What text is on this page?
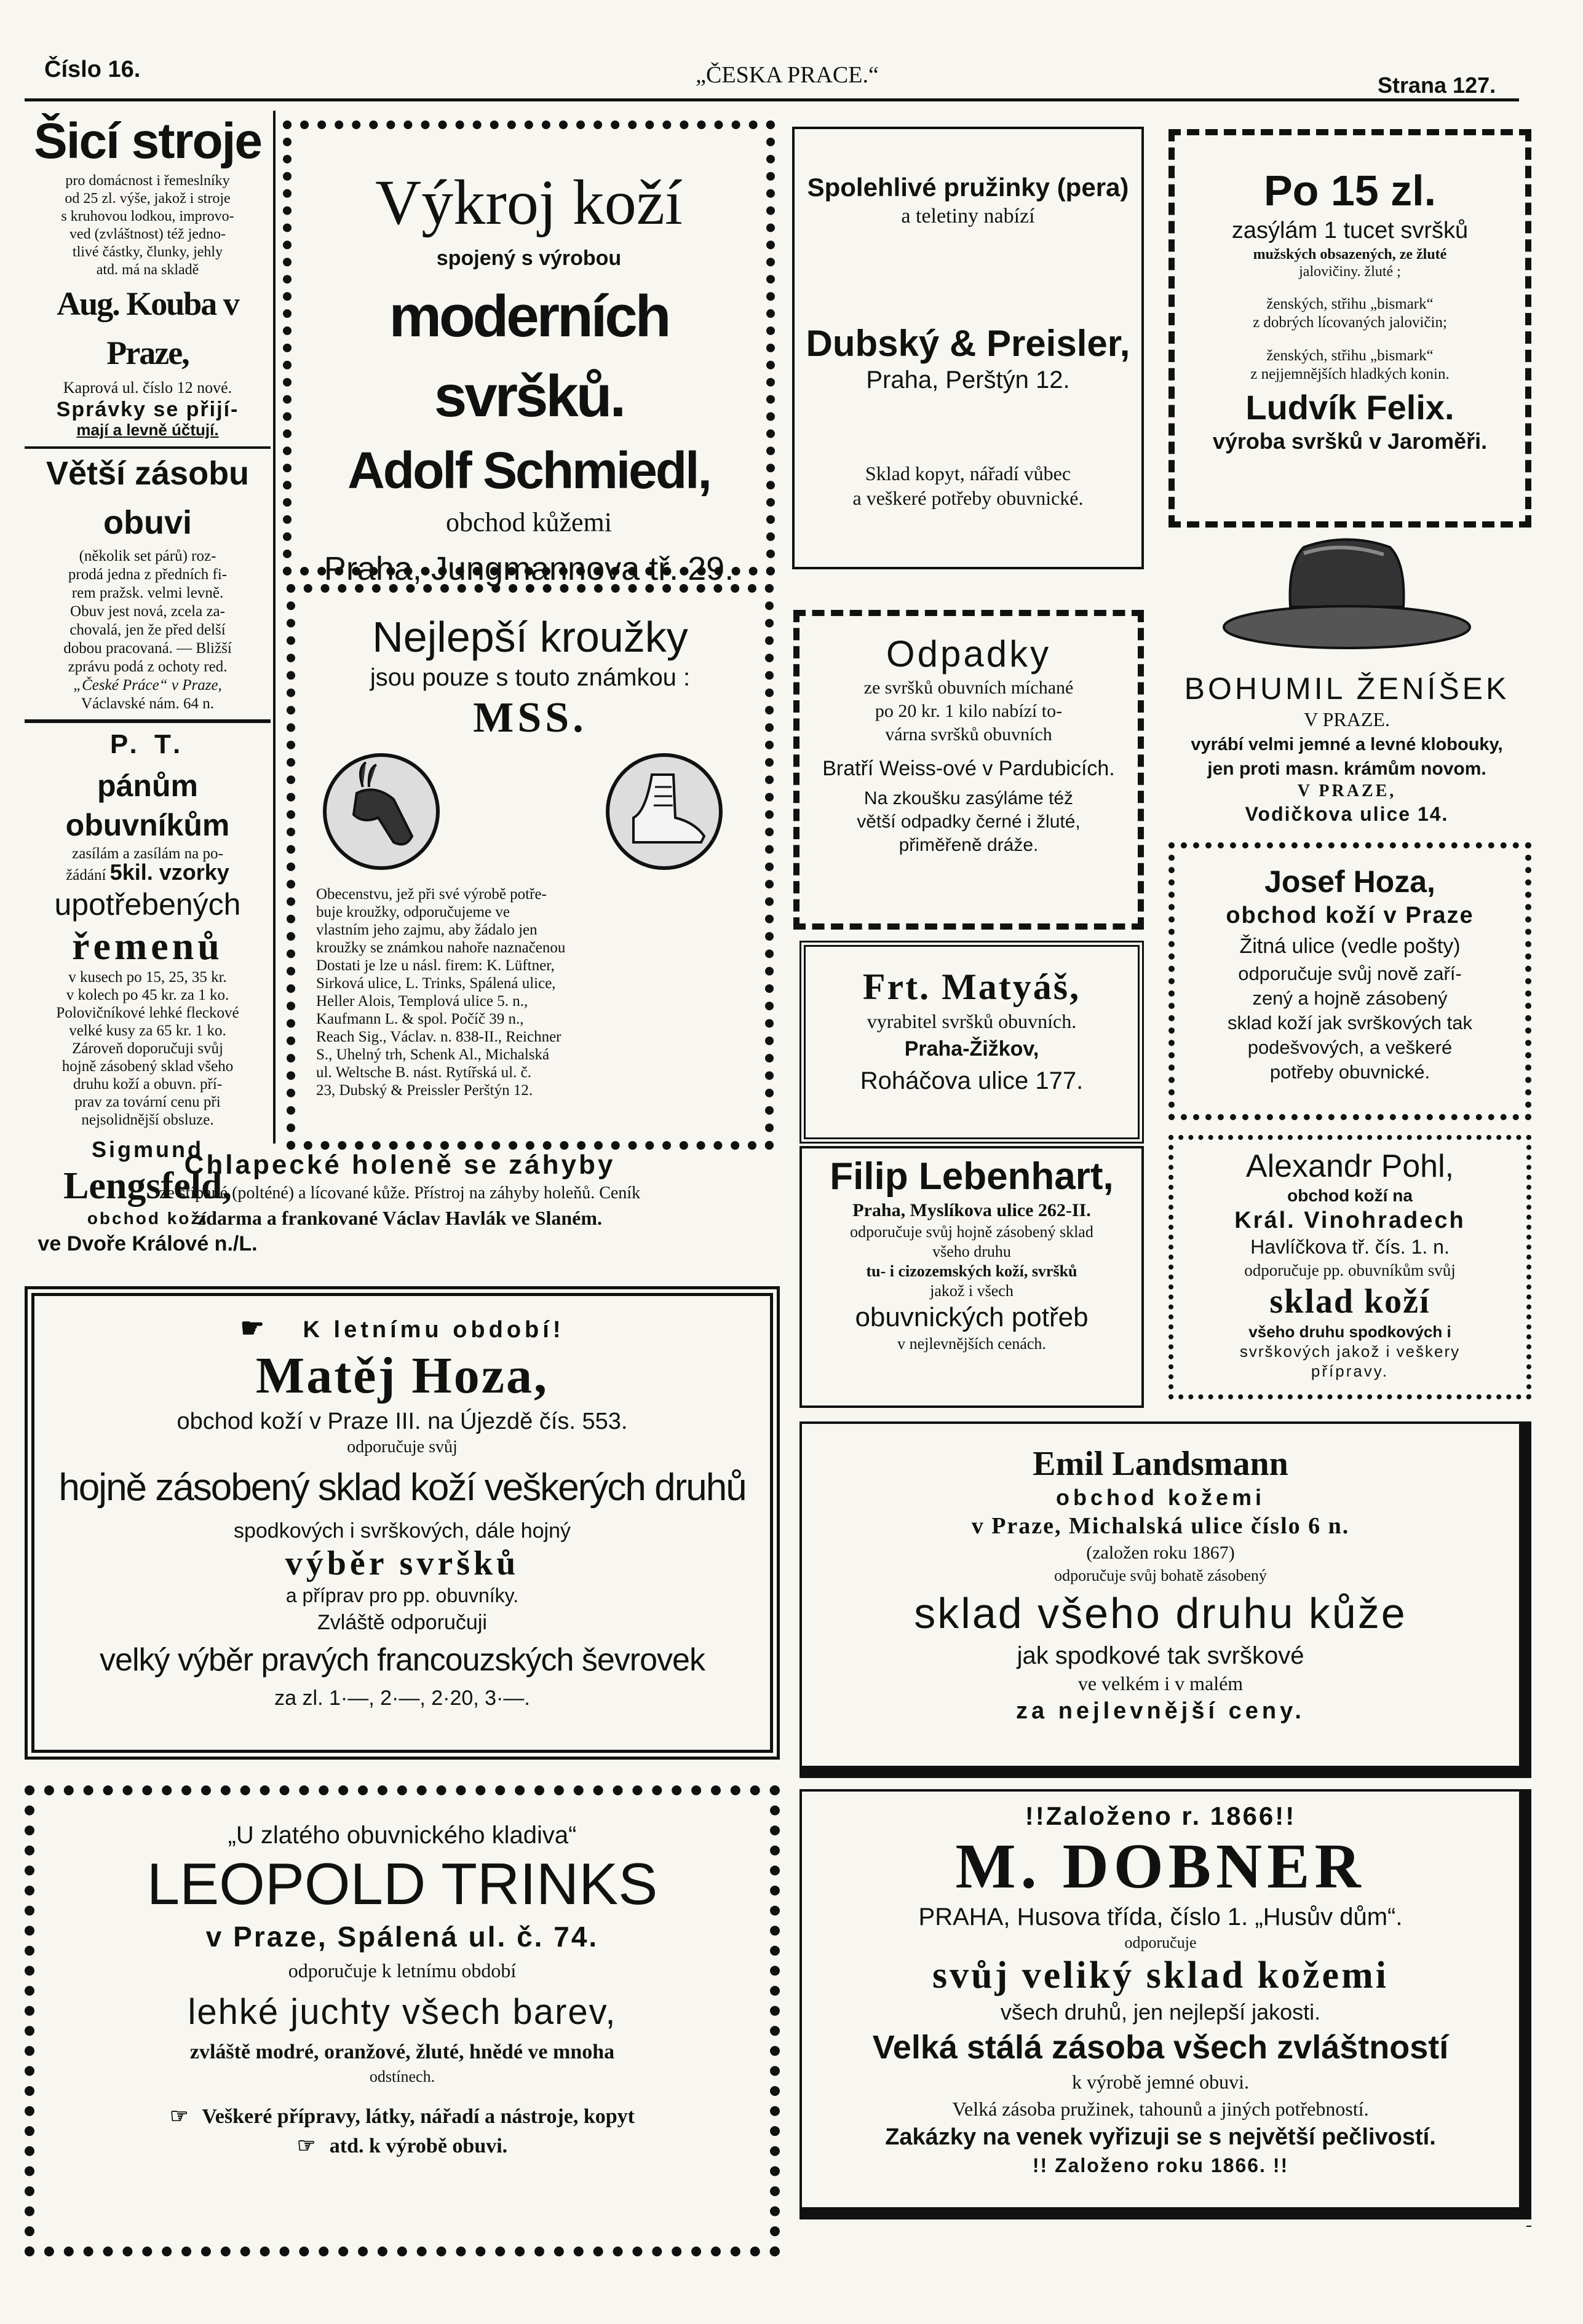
Číslo 16.	„ČESKA PRACE.“	Strana 127.
Šicí stroje
pro domácnost i řemeslníky
od 25 zl. výše, jakož i stroje
s kruhovou lodkou, improvo-
ved (zvláštnost) též jedno-
tlivé částky, člunky, jehly
atd. má na skladě
Aug. Kouba v Praze,
Kaprová ul. číslo 12 nové.
Správky se přijí-
mají a levně účtují.
Větší zásobu obuvi
(několik set párů) roz-
prodá jedna z předních fi-
rem pražsk. velmi levně.
Obuv jest nová, zcela za-
chovalá, jen že před delší
dobou pracovaná. — Bližší
zprávu podá z ochoty red.
„České Práce“ v Praze,
Václavské nám. 64 n.
P. T.
pánům obuvníkům
zasílám a zasílám na po-
žádání 5kil. vzorky
upotřebených
řemenů
v kusech po 15, 25, 35 kr.
v kolech po 45 kr. za 1 ko.
Polovičníkové lehké fleckové
velké kusy za 65 kr. 1 ko.
Zároveň doporučuji svůj
hojně zásobený sklad všeho
druhu koží a obuvn. pří-
prav za tovární cenu při
nejsolidnější obsluze.
Sigmund
Lengsfeld,
obchod koží
ve Dvoře Králové n./L.
Výkroj koží
spojený s výrobou
moderních svršků.
Adolf Schmiedl,
obchod kůžemi
Praha, Jungmannova tř. 29.
Spolehlivé pružinky (pera)
a teletiny nabízí
Dubský & Preisler,
Praha, Perštýn 12.
Sklad kopyt, nářadí vůbec
a veškeré potřeby obuvnické.
Po 15 zl.
zasýlám 1 tucet svršků
mužských obsazených, ze žluté
jalovičiny. žluté ;
ženských, střihu „bismark“
z dobrých lícovaných jalovičin;
ženských, střihu „bismark“
z nejjemnějších hladkých konin.
Ludvík Felix.
výroba svršků v Jaroměři.
Nejlepší kroužky
jsou pouze s touto známkou :
MSS.
Obecenstvu, jež při své výrobě potře-
buje kroužky, odporučujeme ve
vlastním jeho zajmu, aby žádalo jen
kroužky se známkou nahoře naznačenou
Dostati je lze u násl. firem: K. Lüftner,
Sirková ulice, L. Trinks, Spálená ulice,
Heller Alois, Templová ulice 5. n.,
Kaufmann L. & spol. Počíč 39 n.,
Reach Sig., Václav. n. 838-II., Reichner
S., Uhelný trh, Schenk Al., Michalská
ul. Weltsche B. nást. Rytířská ul. č.
23, Dubský & Preissler Perštýn 12.
Odpadky
ze svršků obuvních míchané
po 20 kr. 1 kilo nabízí to-
várna svršků obuvních
Bratří Weiss-ové v Pardubicích.
Na zkoušku zasýláme též
větší odpadky černé i žluté,
přiměřeně dráže.
BOHUMIL ŽENÍŠEK
V PRAZE.
vyrábí velmi jemné a levné klobouky,
jen proti masn. krámům novom.
V PRAZE,
Vodičkova ulice 14.
Josef Hoza,
obchod koží v Praze
Žitná ulice (vedle pošty)
odporučuje svůj nově zaří-
zený a hojně zásobený
sklad koží jak svrškových tak
podešvových, a veškeré
potřeby obuvnické.
Frt. Matyáš,
vyrabitel svršků obuvních.
Praha-Žižkov,
Roháčova ulice 177.
Chlapecké holeně se záhyby
ze štípané (polténé) a lícované kůže. Přístroj na záhyby holeňů. Ceník
zdarma a frankované Václav Havlák ve Slaném.
Filip Lebenhart,
Praha, Myslíkova ulice 262-II.
odporučuje svůj hojně zásobený sklad
všeho druhu
tu- i cizozemských koží, svršků
jakož i všech
obuvnických potřeb
v nejlevnějších cenách.
Alexandr Pohl,
obchod koží na
Král. Vinohradech
Havlíčkova tř. čís. 1. n.
odporučuje pp. obuvníkům svůj
sklad koží
všeho druhu spodkových i
svrškových jakož i veškery
přípravy.
☛ K letnímu období!
Matěj Hoza,
obchod koží v Praze III. na Újezdě čís. 553.
odporučuje svůj
hojně zásobený sklad koží veškerých druhů
spodkových i svrškových, dále hojný
výběr svršků
a příprav pro pp. obuvníky.
Zvláště odporučuji
velký výběr pravých francouzských ševrovek
za zl. 1·—, 2·—, 2·20, 3·—.
Emil Landsmann
obchod kožemi
v Praze, Michalská ulice číslo 6 n.
(založen roku 1867)
odporučuje svůj bohatě zásobený
sklad všeho druhu kůže
jak spodkové tak svrškové
ve velkém i v malém
za nejlevnější ceny.
„U zlatého obuvnického kladiva“
LEOPOLD TRINKS
v Praze, Spálená ul. č. 74.
odporučuje k letnímu období
lehké juchty všech barev,
zvláště modré, oranžové, žluté, hnědé ve mnoha
odstínech.
☞ Veškeré přípravy, látky, nářadí a nástroje, kopyt
☞ atd. k výrobě obuvi.
!!Založeno r. 1866!!
M. DOBNER
PRAHA, Husova třída, číslo 1. „Husův dům“.
odporučuje
svůj veliký sklad kožemi
všech druhů, jen nejlepší jakosti.
Velká stálá zásoba všech zvláštností
k výrobě jemné obuvi.
Velká zásoba pružinek, tahounů a jiných potřebností.
Zakázky na venek vyřizuji se s největší pečlivostí.
!! Založeno roku 1866. !!
